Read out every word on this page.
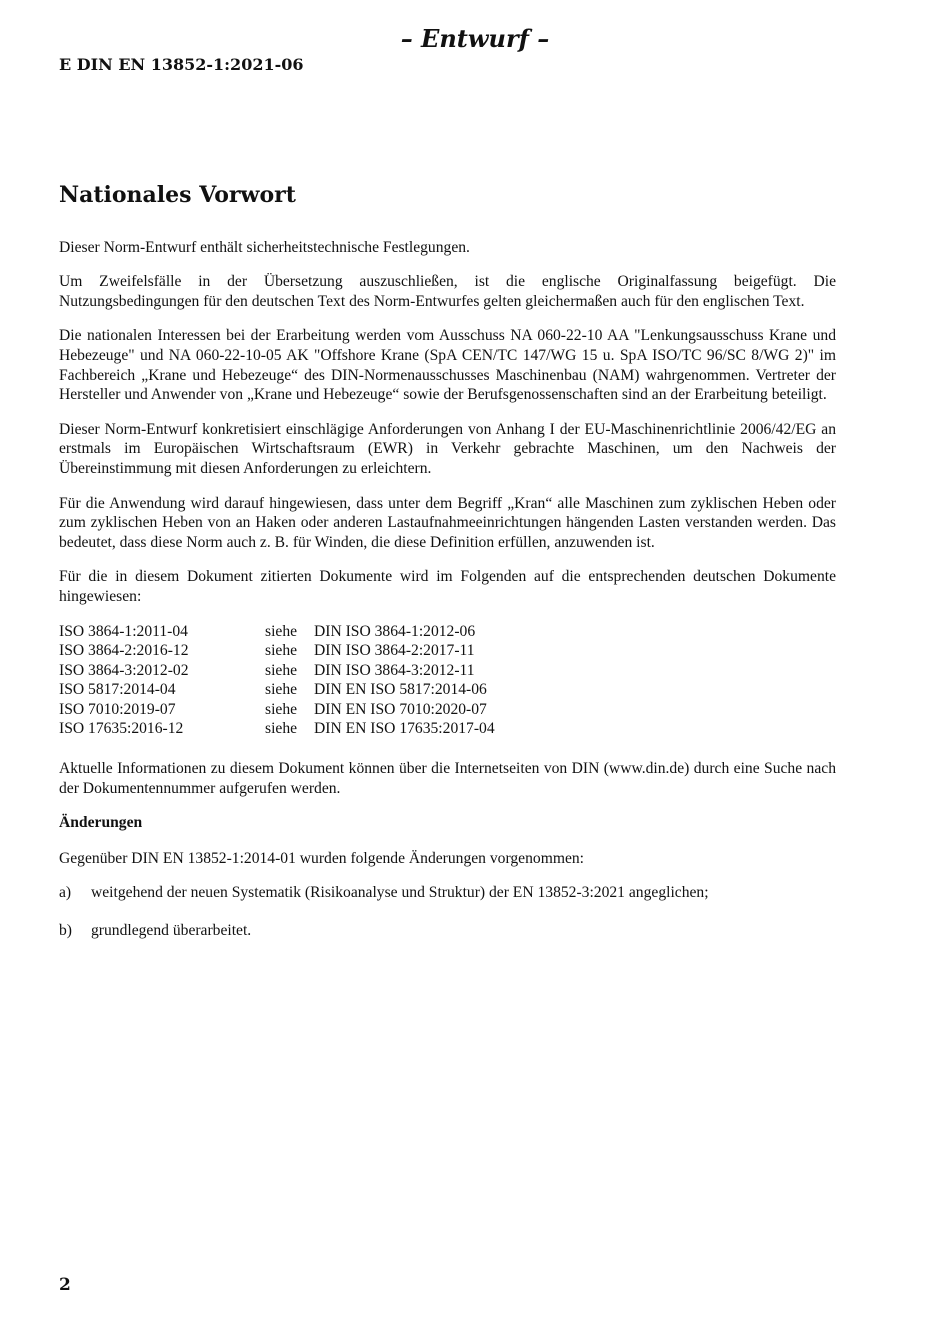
– Entwurf –
E DIN EN 13852-1:2021-06
Nationales Vorwort

Dieser Norm-Entwurf enthält sicherheitstechnische Festlegungen.

Um Zweifelsfälle in der Übersetzung auszuschließen, ist die englische Originalfassung beigefügt. Die Nutzungsbedingungen für den deutschen Text des Norm-Entwurfes gelten gleichermaßen auch für den englischen Text.

Die nationalen Interessen bei der Erarbeitung werden vom Ausschuss NA 060-22-10 AA "Lenkungsausschuss Krane und Hebezeuge" und NA 060-22-10-05 AK "Offshore Krane (SpA CEN/TC 147/WG 15 u. SpA ISO/TC 96/SC 8/WG 2)" im Fachbereich „Krane und Hebezeuge“ des DIN-Normenausschusses Maschinenbau (NAM) wahrgenommen. Vertreter der Hersteller und Anwender von „Krane und Hebezeuge“ sowie der Berufsgenossenschaften sind an der Erarbeitung beteiligt.

Dieser Norm-Entwurf konkretisiert einschlägige Anforderungen von Anhang I der EU-Maschinenrichtlinie 2006/42/EG an erstmals im Europäischen Wirtschaftsraum (EWR) in Verkehr gebrachte Maschinen, um den Nachweis der Übereinstimmung mit diesen Anforderungen zu erleichtern.

Für die Anwendung wird darauf hingewiesen, dass unter dem Begriff „Kran“ alle Maschinen zum zyklischen Heben oder zum zyklischen Heben von an Haken oder anderen Lastaufnahmeeinrichtungen hängenden Lasten verstanden werden. Das bedeutet, dass diese Norm auch z. B. für Winden, die diese Definition erfüllen, anzuwenden ist.

Für die in diesem Dokument zitierten Dokumente wird im Folgenden auf die entsprechenden deutschen Dokumente hingewiesen:

ISO 3864-1:2011-04	siehe	DIN ISO 3864-1:2012-06
ISO 3864-2:2016-12	siehe	DIN ISO 3864-2:2017-11
ISO 3864-3:2012-02	siehe	DIN ISO 3864-3:2012-11
ISO 5817:2014-04	siehe	DIN EN ISO 5817:2014-06
ISO 7010:2019-07	siehe	DIN EN ISO 7010:2020-07
ISO 17635:2016-12	siehe	DIN EN ISO 17635:2017-04

Aktuelle Informationen zu diesem Dokument können über die Internetseiten von DIN (www.din.de) durch eine Suche nach der Dokumentennummer aufgerufen werden.

Änderungen

Gegenüber DIN EN 13852-1:2014-01 wurden folgende Änderungen vorgenommen:

a)	weitgehend der neuen Systematik (Risikoanalyse und Struktur) der EN 13852-3:2021 angeglichen;
b)	grundlegend überarbeitet.
2
